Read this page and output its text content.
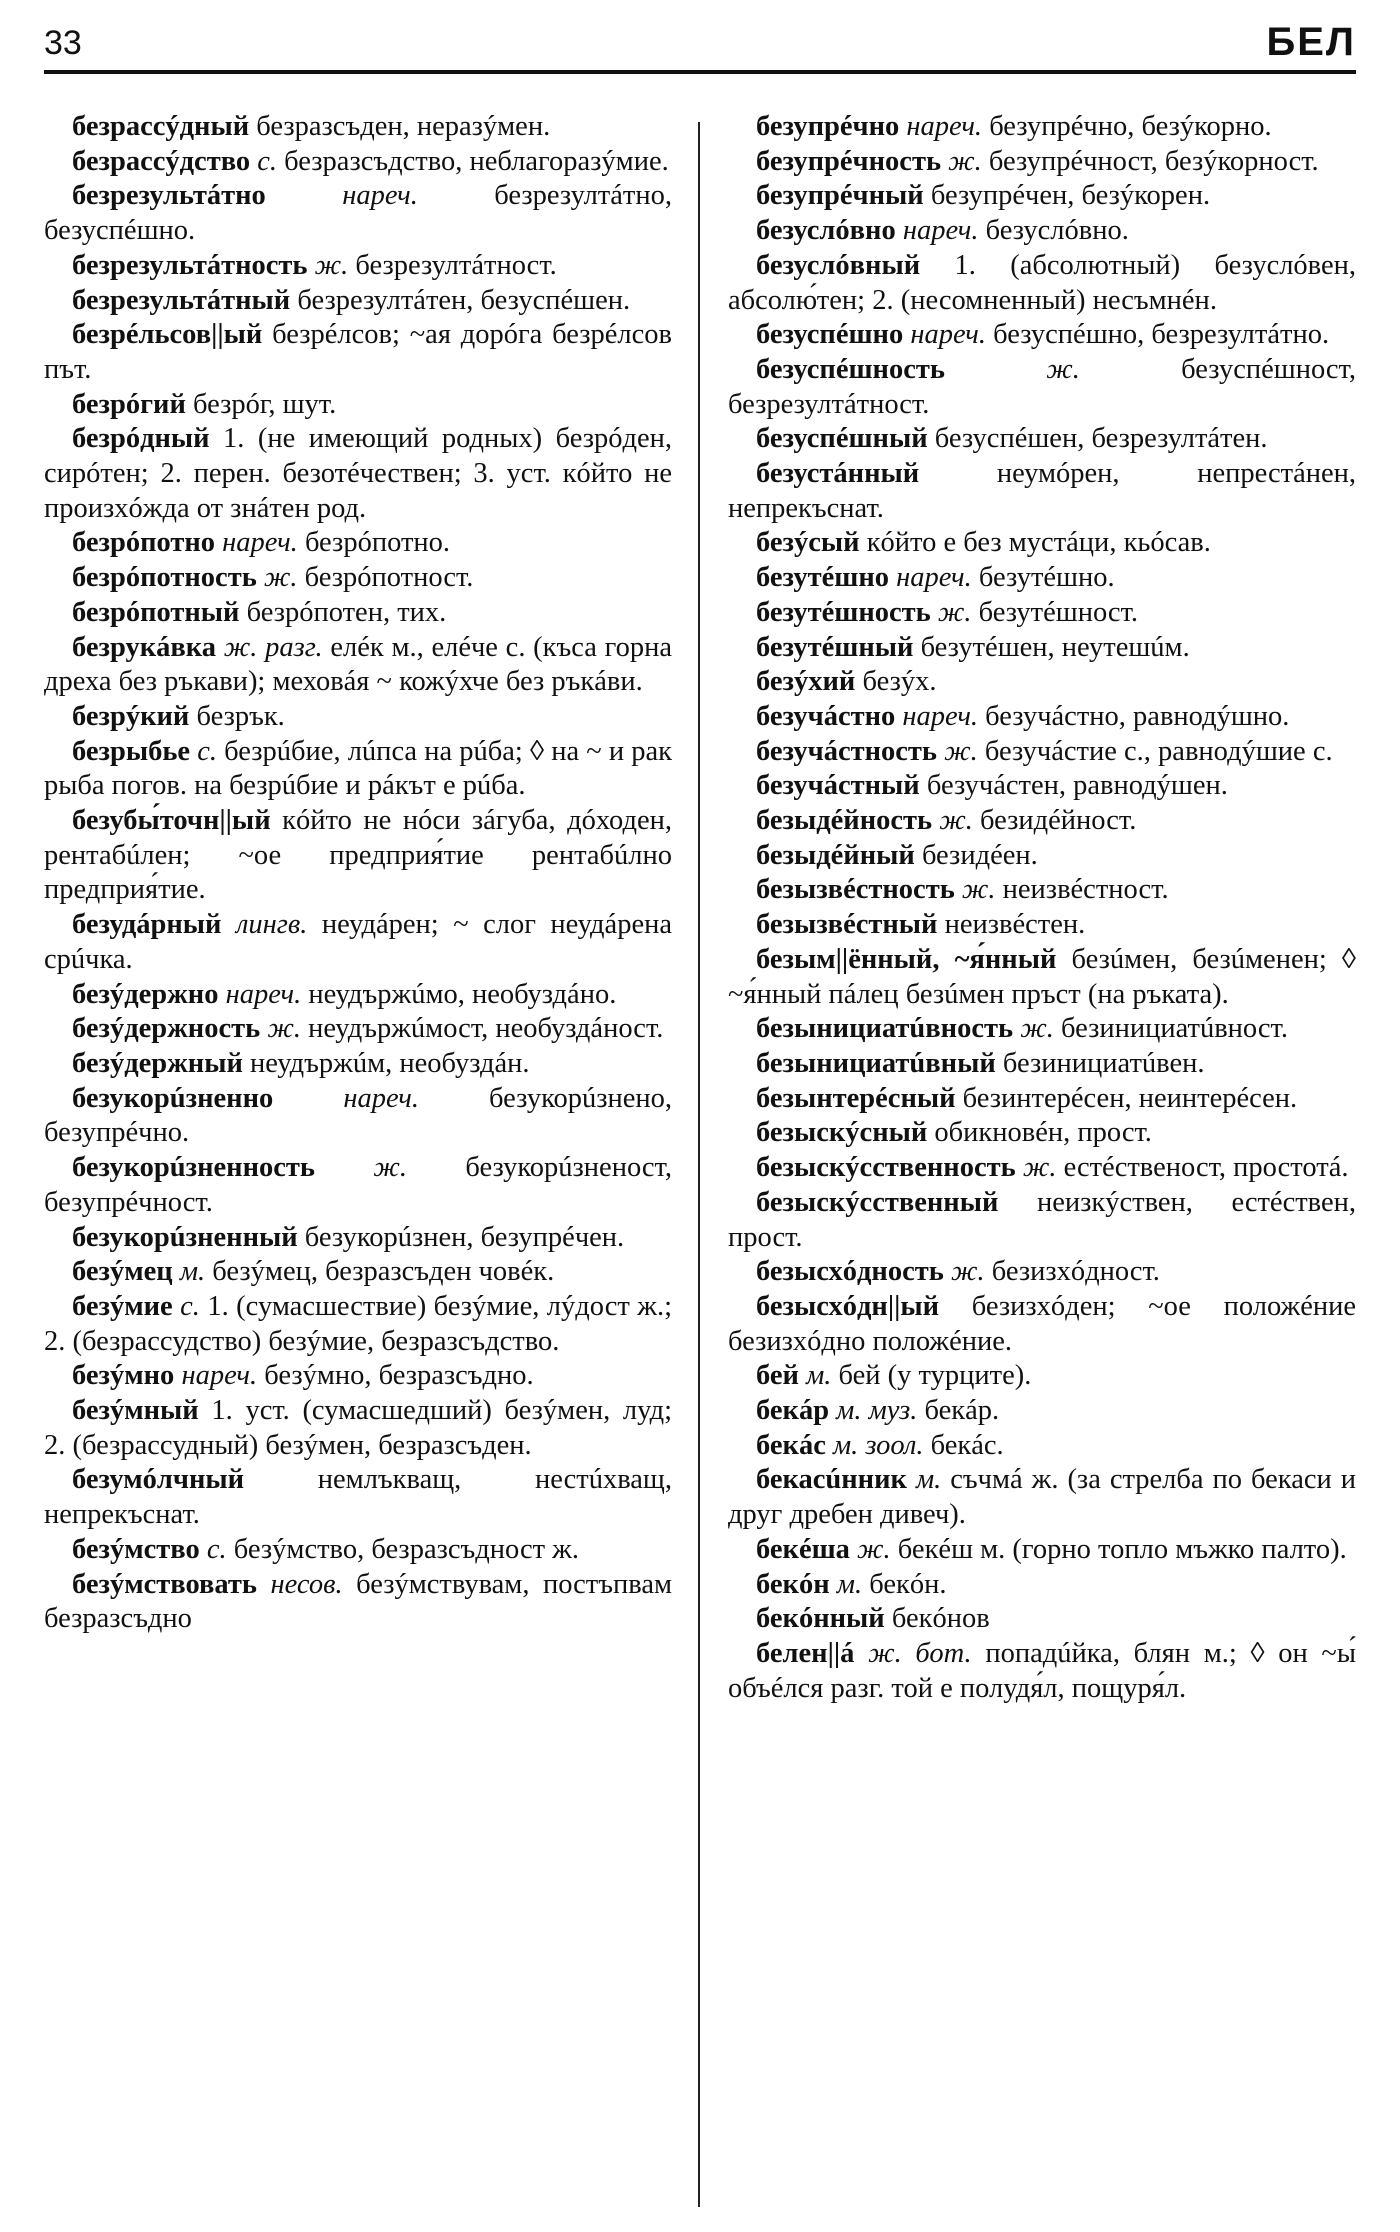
33	БЕЛ

безрассýдный безразсъден, неразýмен.

безрассýдство с. безразсъдство, неблагоразýмие.

безрезультáтно	нареч.	безрезултáтно, безуспéшно.

безрезультáтность ж. безрезултáтност.

безрезультáтный безрезултáтен, безуспéшен.

безрéльсов||ый безрéлсов; ~ая дорóга безрéлсов път.

безрóгий безрóг, шут.

безрóдный 1. (не имеющий родных) безрóден, сирóтен; 2. перен. безотéчествен; 3. уст. кóйто не произхóжда от знáтен род.

безрóпотно нареч. безрóпотно.

безрóпотность ж. безрóпотност.

безрóпотный безрóпотен, тих.

безрукáвка ж. разг. елéк м., елéче с. (къса горна дреха без ръкави); меховáя ~ кожýхче без ръкáви.

безрýкий безрък.

безрыбье с. безрúбие, лúпса на рúба; ◊ на ~ и рак рыба погов. на безрúбие и рáкът е рúба.

безубы́точн||ый кóйто не нóси зáгуба, дóходен, рентабúлен; ~ое предприя́тие рентабúлно предприя́тие.

безудáрный лингв. неудáрен; ~ слог неудáрена срúчка.

безýдержно нареч. неудържúмо, необуздáно.

безýдержность ж. неудържúмост, необуздáност.

безýдержный неудържúм, необуздáн.

безукорúзненно нареч. безукорúзнено, безупрéчно.

безукорúзненность ж. безукорúзненост, безупрéчност.

безукорúзненный безукорúзнен, безупрéчен.

безýмец м. безýмец, безразсъден човéк.

безýмие с. 1. (сумасшествие) безýмие, лýдост ж.; 2. (безрассудство) безýмие, безразсъдство.

безýмно нареч. безýмно, безразсъдно.

безýмный 1. уст. (сумасшедший) безýмен, луд; 2. (безрассудный) безýмен, безразсъден.

безумóлчный	немлъкващ, нестúхващ, непрекъснат.

безýмство с. безýмство, безразсъдност ж.

безýмствовать несов. безýмствувам, постъпвам безразсъдно

безупрéчно нареч. безупрéчно, безýкорно.

безупрéчность ж. безупрéчност, безýкорност.

безупрéчный безупрéчен, безýкорен.

безуслóвно нареч. безуслóвно.

безуслóвный 1. (абсолютный) безуслóвен, абсолю́тен; 2. (несомненный) несъмнéн.

безуспéшно нареч. безуспéшно, безрезултáтно.

безуспéшность	ж.	безуспéшност, безрезултáтност.

безуспéшный безуспéшен, безрезултáтен.

безустáнный	неумóрен, непрестáнен, непрекъснат.

безýсый кóйто е без мустáци, кьóсав.

безутéшно нареч. безутéшно.

безутéшность ж. безутéшност.

безутéшный безутéшен, неутешúм.

безýхий безýх.

безучáстно нареч. безучáстно, равнодýшно.

безучáстность ж. безучáстие с., равнодýшие с.

безучáстный безучáстен, равнодýшен.

безыдéйность ж. безидéйност.

безыдéйный безидéен.

безызвéстность ж. неизвéстност.

безызвéстный неизвéстен.

безым||ённый, ~я́нный безúмен, безúменен; ◊ ~я́нный пáлец безúмен пръст (на ръката).

безынициатúвность ж. безинициатúвност.

безынициатúвный безинициатúвен.

безынтерéсный безинтерéсен, неинтерéсен.

безыскýсный обикновéн, прост.

безыскýсственность ж. естéственост, простотá.

безыскýсственный неизкýствен, естéствен, прост.

безысхóдность ж. безизхóдност.

безысхóдн||ый безизхóден; ~ое положéние безизхóдно положéние.

бей м. бей (у турците).

бекáр м. муз. бекáр.

бекáс м. зоол. бекáс.

бекасúнник м. съчмá ж. (за стрелба по бекаси и друг дребен дивеч).

бекéша ж. бекéш м. (горно топло мъжко палто).

бекóн м. бекóн.

бекóнный бекóнов

белен||á ж. бот. попадúйка, блян м.; ◊ он ~ы́ объéлся разг. той е полудя́л, пощуря́л.
